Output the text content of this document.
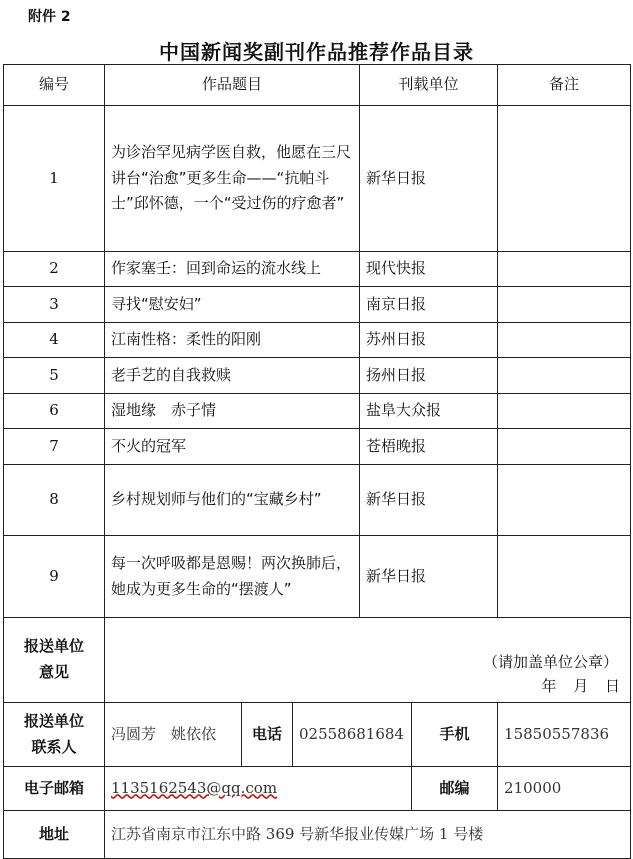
附件 2
中国新闻奖副刊作品推荐作品目录
编号	作品题目			刊载单位		备注
1	为诊治罕见病学医自救，他愿在三尺讲台“治愈”更多生命——“抗帕斗士”邱怀德，一个“受过伤的疗愈者”			新华日报		
2	作家塞壬：回到命运的流水线上			现代快报		
3	寻找“慰安妇”			南京日报		
4	江南性格：柔性的阳刚			苏州日报		
5	老手艺的自我救赎			扬州日报		
6	湿地缘　赤子情			盐阜大众报		
7	不火的冠军			苍梧晚报		
8	乡村规划师与他们的“宝藏乡村”			新华日报		
9	每一次呼吸都是恩赐！两次换肺后，她成为更多生命的“摆渡人”			新华日报		
报送单位意见	（请加盖单位公章）
年 月 日					

报送单位联系人	冯圆芳　姚依依	电话	02558681684		手机	15850557836
电子邮箱	1135162543@qq.com				邮编	210000
地址	江苏省南京市江东中路 369 号新华报业传媒广场 1 号楼					
